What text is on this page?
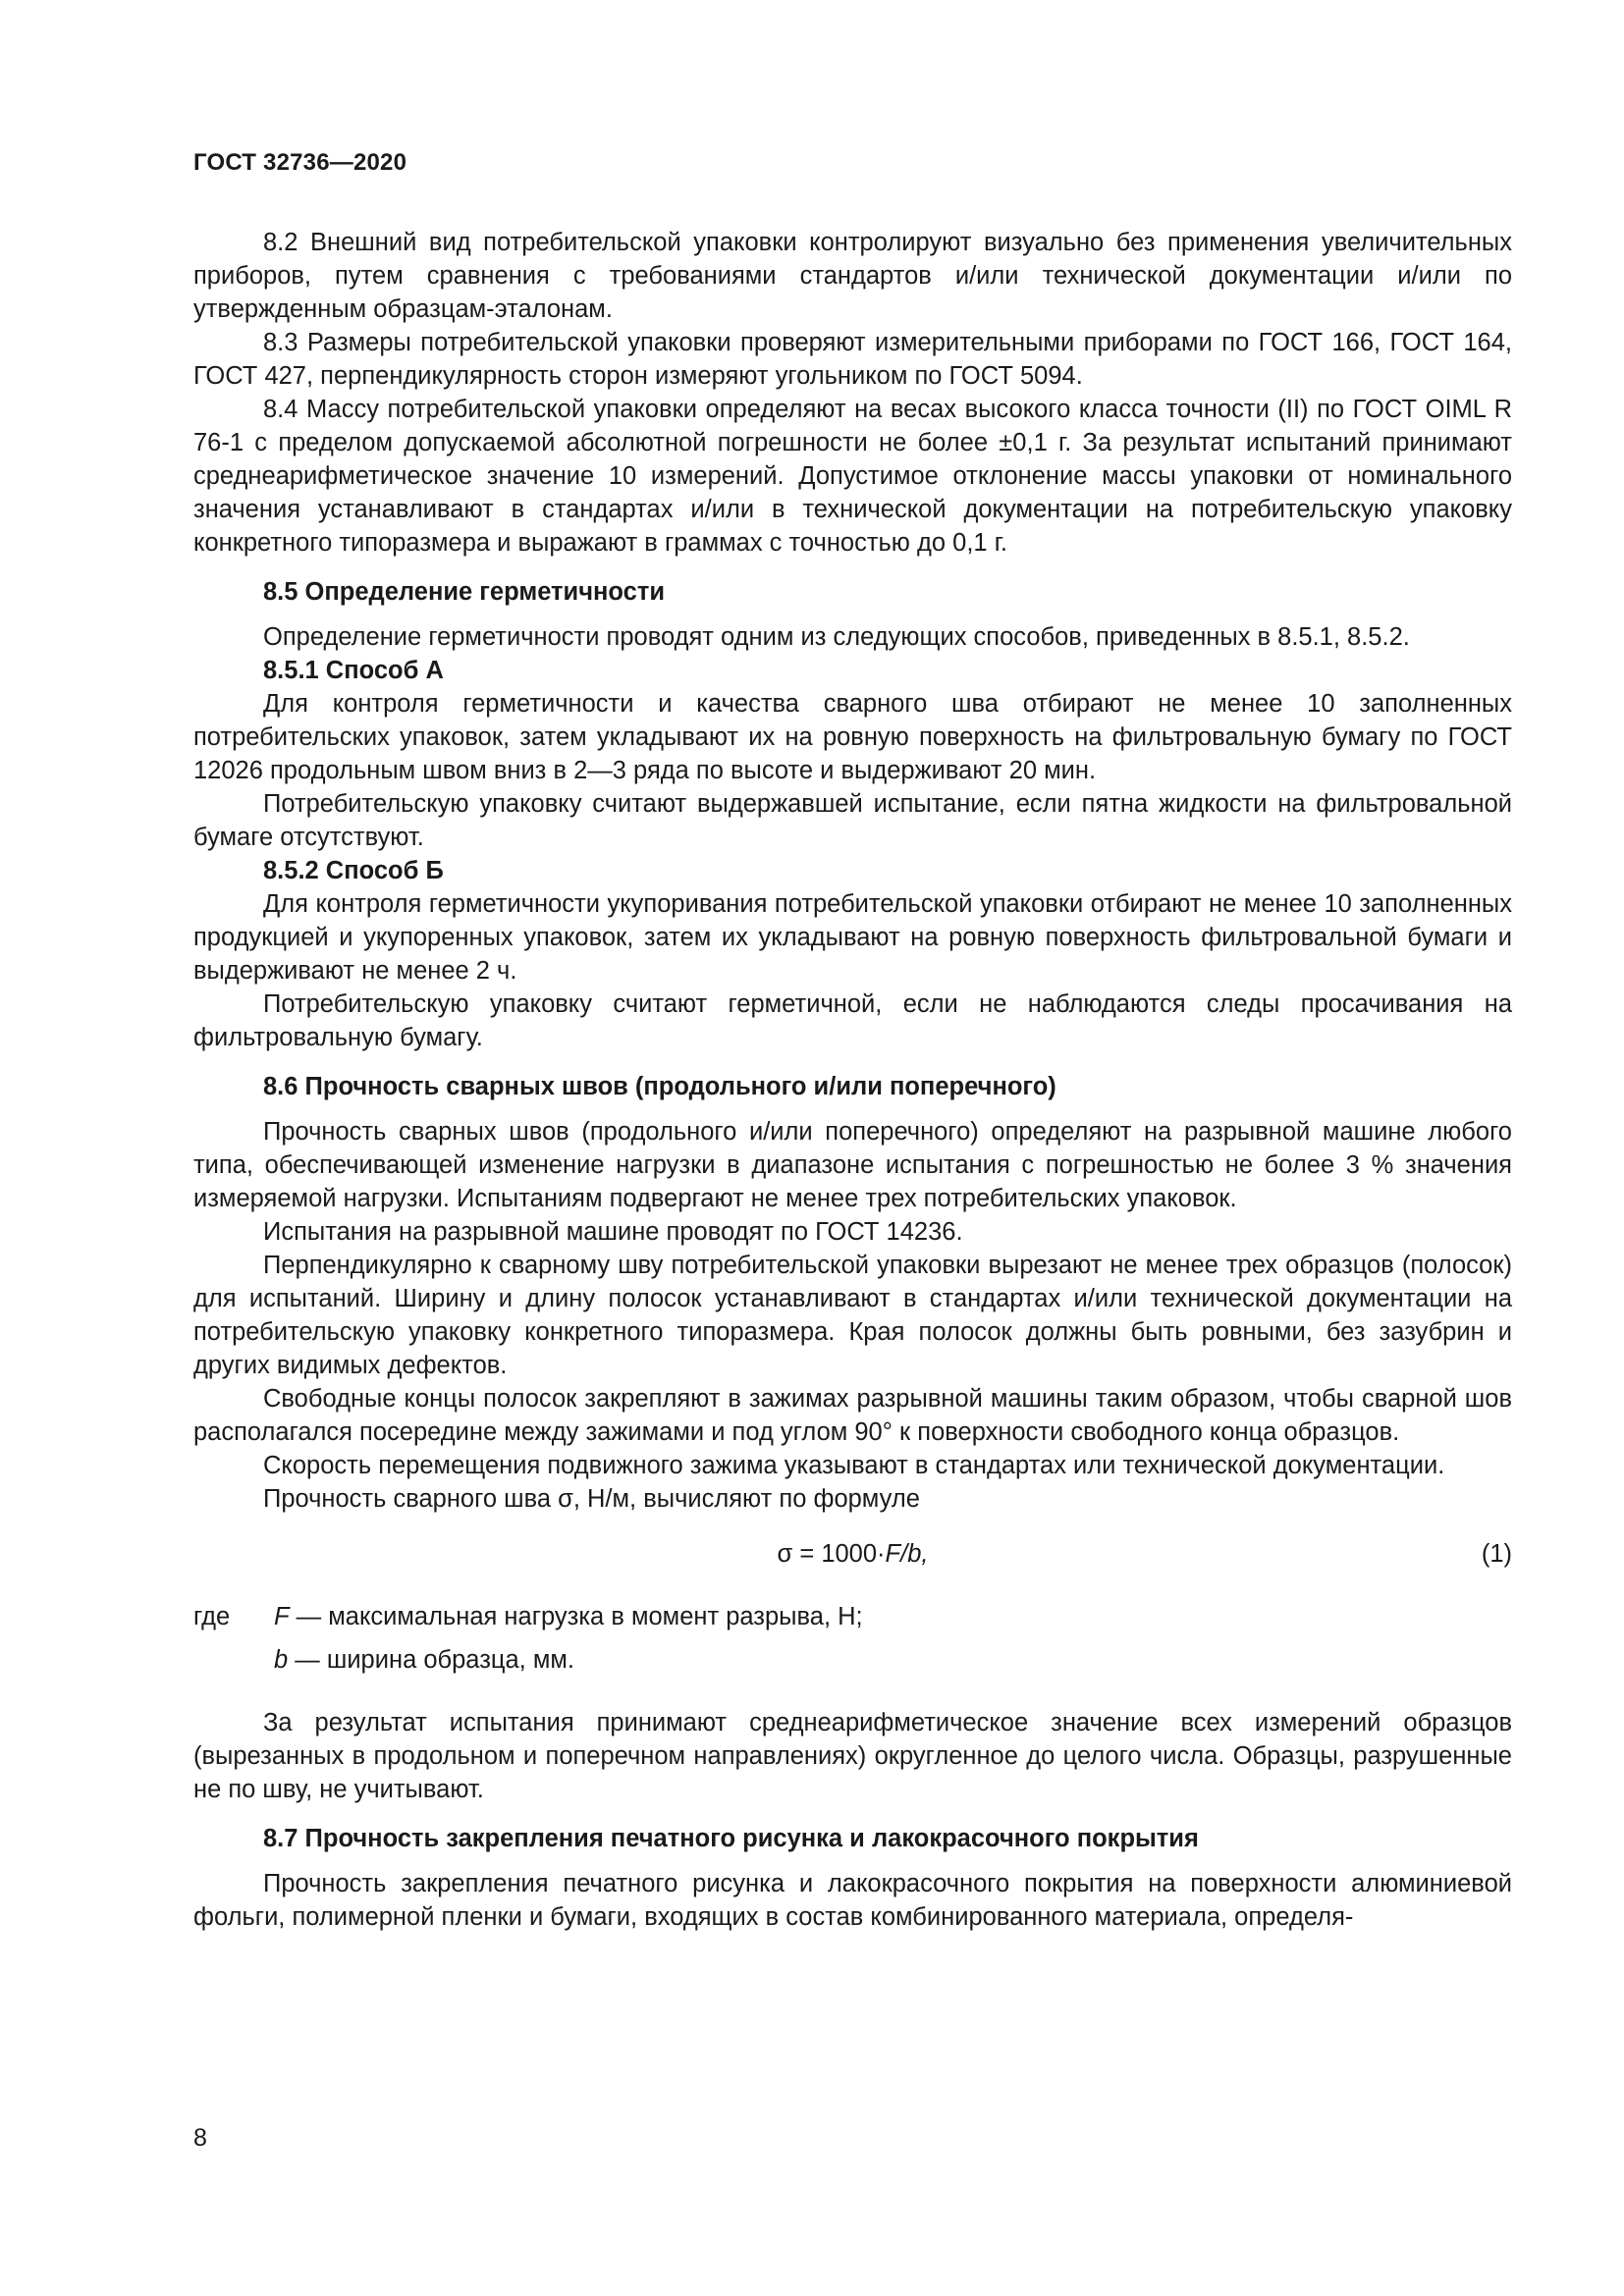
ГОСТ 32736—2020

8.2 Внешний вид потребительской упаковки контролируют визуально без применения увеличительных приборов, путем сравнения с требованиями стандартов и/или технической документации и/или по утвержденным образцам-эталонам.

8.3 Размеры потребительской упаковки проверяют измерительными приборами по ГОСТ 166, ГОСТ 164, ГОСТ 427, перпендикулярность сторон измеряют угольником по ГОСТ 5094.

8.4 Массу потребительской упаковки определяют на весах высокого класса точности (II) по ГОСТ OIML R 76-1 с пределом допускаемой абсолютной погрешности не более ±0,1 г. За результат испытаний принимают среднеарифметическое значение 10 измерений. Допустимое отклонение массы упаковки от номинального значения устанавливают в стандартах и/или в технической документации на потребительскую упаковку конкретного типоразмера и выражают в граммах с точностью до 0,1 г.

8.5 Определение герметичности

Определение герметичности проводят одним из следующих способов, приведенных в 8.5.1, 8.5.2.

8.5.1 Способ А

Для контроля герметичности и качества сварного шва отбирают не менее 10 заполненных потребительских упаковок, затем укладывают их на ровную поверхность на фильтровальную бумагу по ГОСТ 12026 продольным швом вниз в 2—3 ряда по высоте и выдерживают 20 мин.

Потребительскую упаковку считают выдержавшей испытание, если пятна жидкости на фильтровальной бумаге отсутствуют.

8.5.2 Способ Б

Для контроля герметичности укупоривания потребительской упаковки отбирают не менее 10 заполненных продукцией и укупоренных упаковок, затем их укладывают на ровную поверхность фильтровальной бумаги и выдерживают не менее 2 ч.

Потребительскую упаковку считают герметичной, если не наблюдаются следы просачивания на фильтровальную бумагу.

8.6 Прочность сварных швов (продольного и/или поперечного)

Прочность сварных швов (продольного и/или поперечного) определяют на разрывной машине любого типа, обеспечивающей изменение нагрузки в диапазоне испытания с погрешностью не более 3 % значения измеряемой нагрузки. Испытаниям подвергают не менее трех потребительских упаковок.

Испытания на разрывной машине проводят по ГОСТ 14236.

Перпендикулярно к сварному шву потребительской упаковки вырезают не менее трех образцов (полосок) для испытаний. Ширину и длину полосок устанавливают в стандартах и/или технической документации на потребительскую упаковку конкретного типоразмера. Края полосок должны быть ровными, без зазубрин и других видимых дефектов.

Свободные концы полосок закрепляют в зажимах разрывной машины таким образом, чтобы сварной шов располагался посередине между зажимами и под углом 90° к поверхности свободного конца образцов.

Скорость перемещения подвижного зажима указывают в стандартах или технической документации.

Прочность сварного шва σ, Н/м, вычисляют по формуле

σ = 1000·F/b,	(1)
где F — максимальная нагрузка в момент разрыва, Н;
b — ширина образца, мм.

За результат испытания принимают среднеарифметическое значение всех измерений образцов (вырезанных в продольном и поперечном направлениях) округленное до целого числа. Образцы, разрушенные не по шву, не учитывают.

8.7 Прочность закрепления печатного рисунка и лакокрасочного покрытия

Прочность закрепления печатного рисунка и лакокрасочного покрытия на поверхности алюминиевой фольги, полимерной пленки и бумаги, входящих в состав комбинированного материала, определя-

8
